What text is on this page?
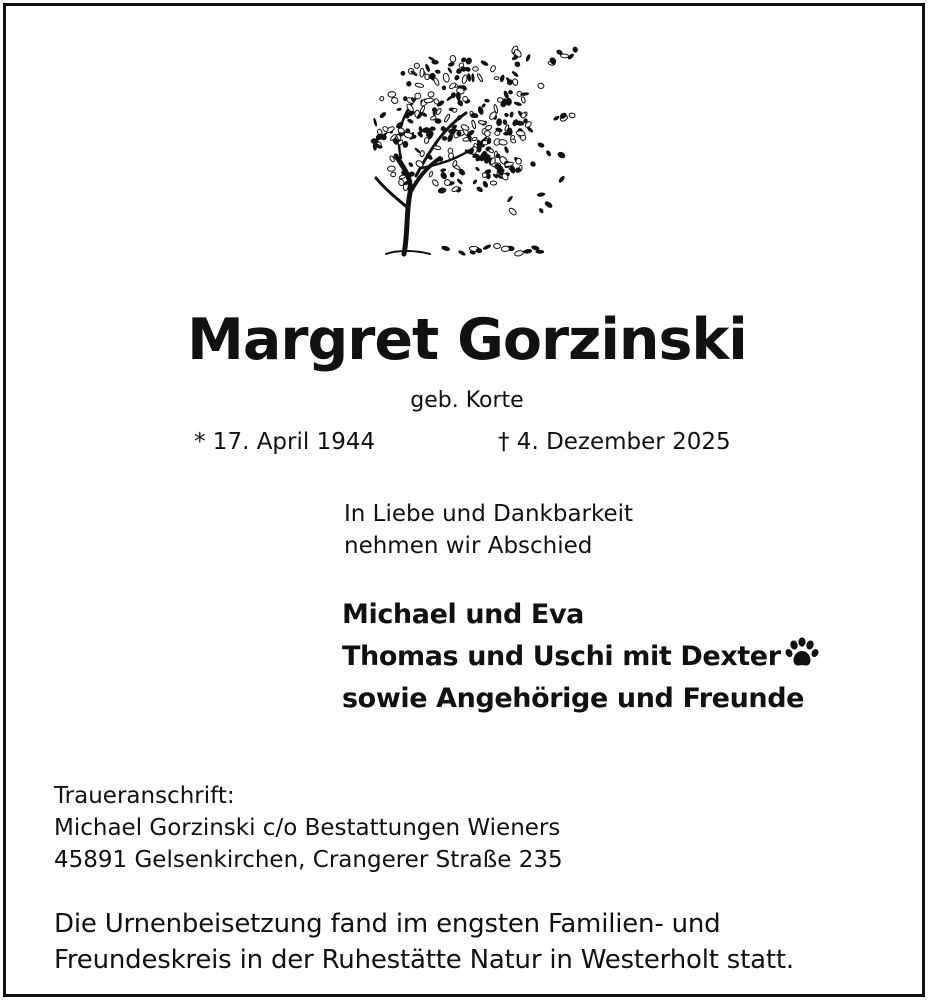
Margret Gorzinski
geb. Korte
* 17. April 1944	† 4. Dezember 2025
In Liebe und Dankbarkeit
nehmen wir Abschied
Michael und Eva
Thomas und Uschi mit Dexter
sowie Angehörige und Freunde
Traueranschrift:
Michael Gorzinski c/o Bestattungen Wieners
45891 Gelsenkirchen, Crangerer Straße 235
Die Urnenbeisetzung fand im engsten Familien- und
Freundeskreis in der Ruhestätte Natur in Westerholt statt.
